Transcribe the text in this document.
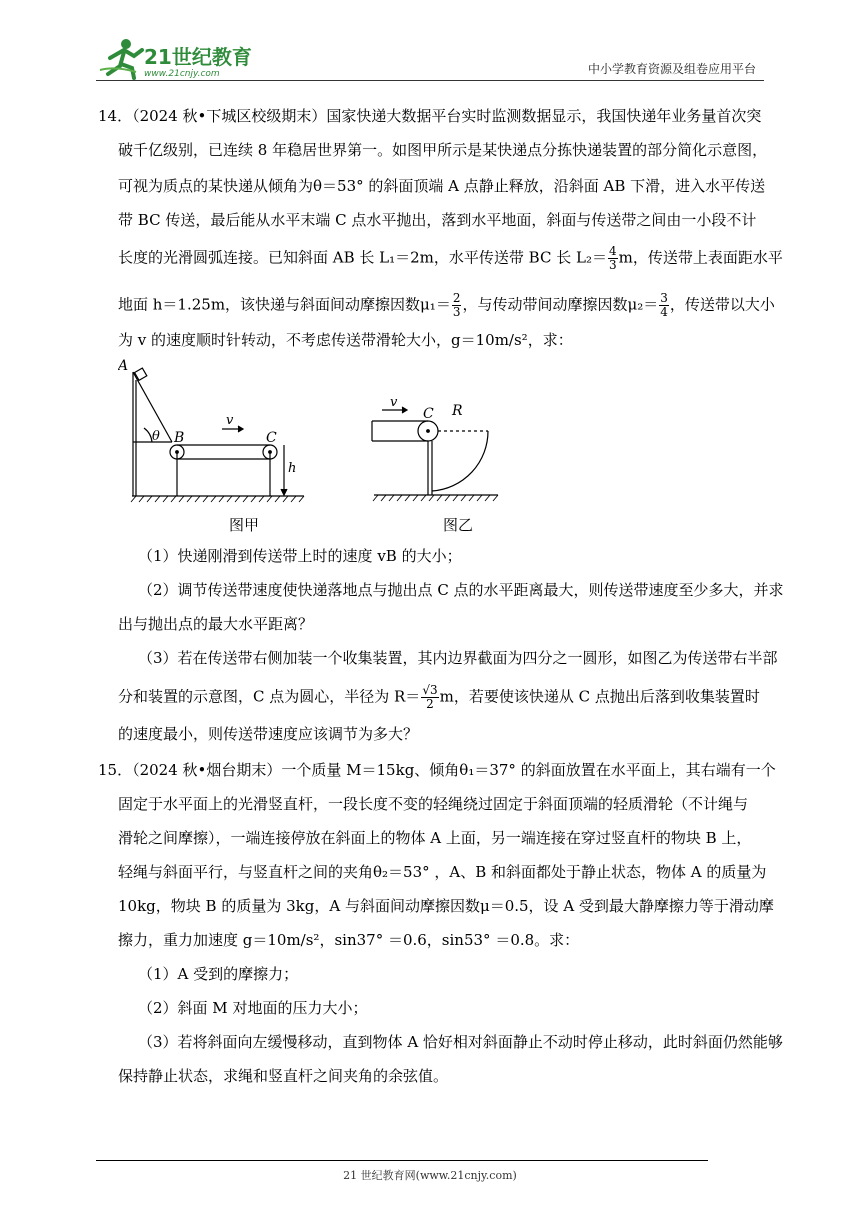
21世纪教育
www.21cnjy.com	中小学教育资源及组卷应用平台
14．（2024 秋•下城区校级期末）国家快递大数据平台实时监测数据显示，我国快递年业务量首次突
破千亿级别，已连续 8 年稳居世界第一。如图甲所示是某快递点分拣快递装置的部分简化示意图，
可视为质点的某快递从倾角为θ＝53° 的斜面顶端 A 点静止释放，沿斜面 AB 下滑，进入水平传送
带 BC 传送，最后能从水平末端 C 点水平抛出，落到水平地面，斜面与传送带之间由一小段不计
长度的光滑圆弧连接。已知斜面 AB 长 L₁＝2m，水平传送带 BC 长 $L_2= \frac{4}{3}$ m，传送带上表面距水平
地面 h＝1.25m，该快递与斜面间动摩擦因数$\mu_1= \frac{2}{3}$ ，与传动带间动摩擦因数$\mu_2= \frac{3}{4}$ ，传送带以大小
为 v 的速度顺时针转动，不考虑传送带滑轮大小，g＝10m/s²，求：
A
B	C
θ
v
h
图甲
v
C R
图乙
（1）快递刚滑到传送带上时的速度 vB 的大小；
（2）调节传送带速度使快递落地点与抛出点 C 点的水平距离最大，则传送带速度至少多大，并求
出与抛出点的最大水平距离？
（3）若在传送带右侧加装一个收集装置，其内边界截面为四分之一圆形，如图乙为传送带右半部
分和装置的示意图，C 点为圆心，半径为 $R= \frac{√3}{2}$ m，若要使该快递从 C 点抛出后落到收集装置时
的速度最小，则传送带速度应该调节为多大？
15．（2024 秋•烟台期末）一个质量 M＝15kg、倾角θ₁＝37° 的斜面放置在水平面上，其右端有一个
固定于水平面上的光滑竖直杆，一段长度不变的轻绳绕过固定于斜面顶端的轻质滑轮（不计绳与
滑轮之间摩擦），一端连接停放在斜面上的物体 A 上面，另一端连接在穿过竖直杆的物块 B 上，
轻绳与斜面平行，与竖直杆之间的夹角θ₂＝53° ，A、B 和斜面都处于静止状态，物体 A 的质量为
10kg，物块 B 的质量为 3kg，A 与斜面间动摩擦因数μ＝0.5，设 A 受到最大静摩擦力等于滑动摩
擦力，重力加速度 g＝10m/s²，sin37° ＝0.6，sin53° ＝0.8。求：
（1）A 受到的摩擦力；
（2）斜面 M 对地面的压力大小；
（3）若将斜面向左缓慢移动，直到物体 A 恰好相对斜面静止不动时停止移动，此时斜面仍然能够
保持静止状态，求绳和竖直杆之间夹角的余弦值。
21 世纪教育网(www.21cnjy.com)
